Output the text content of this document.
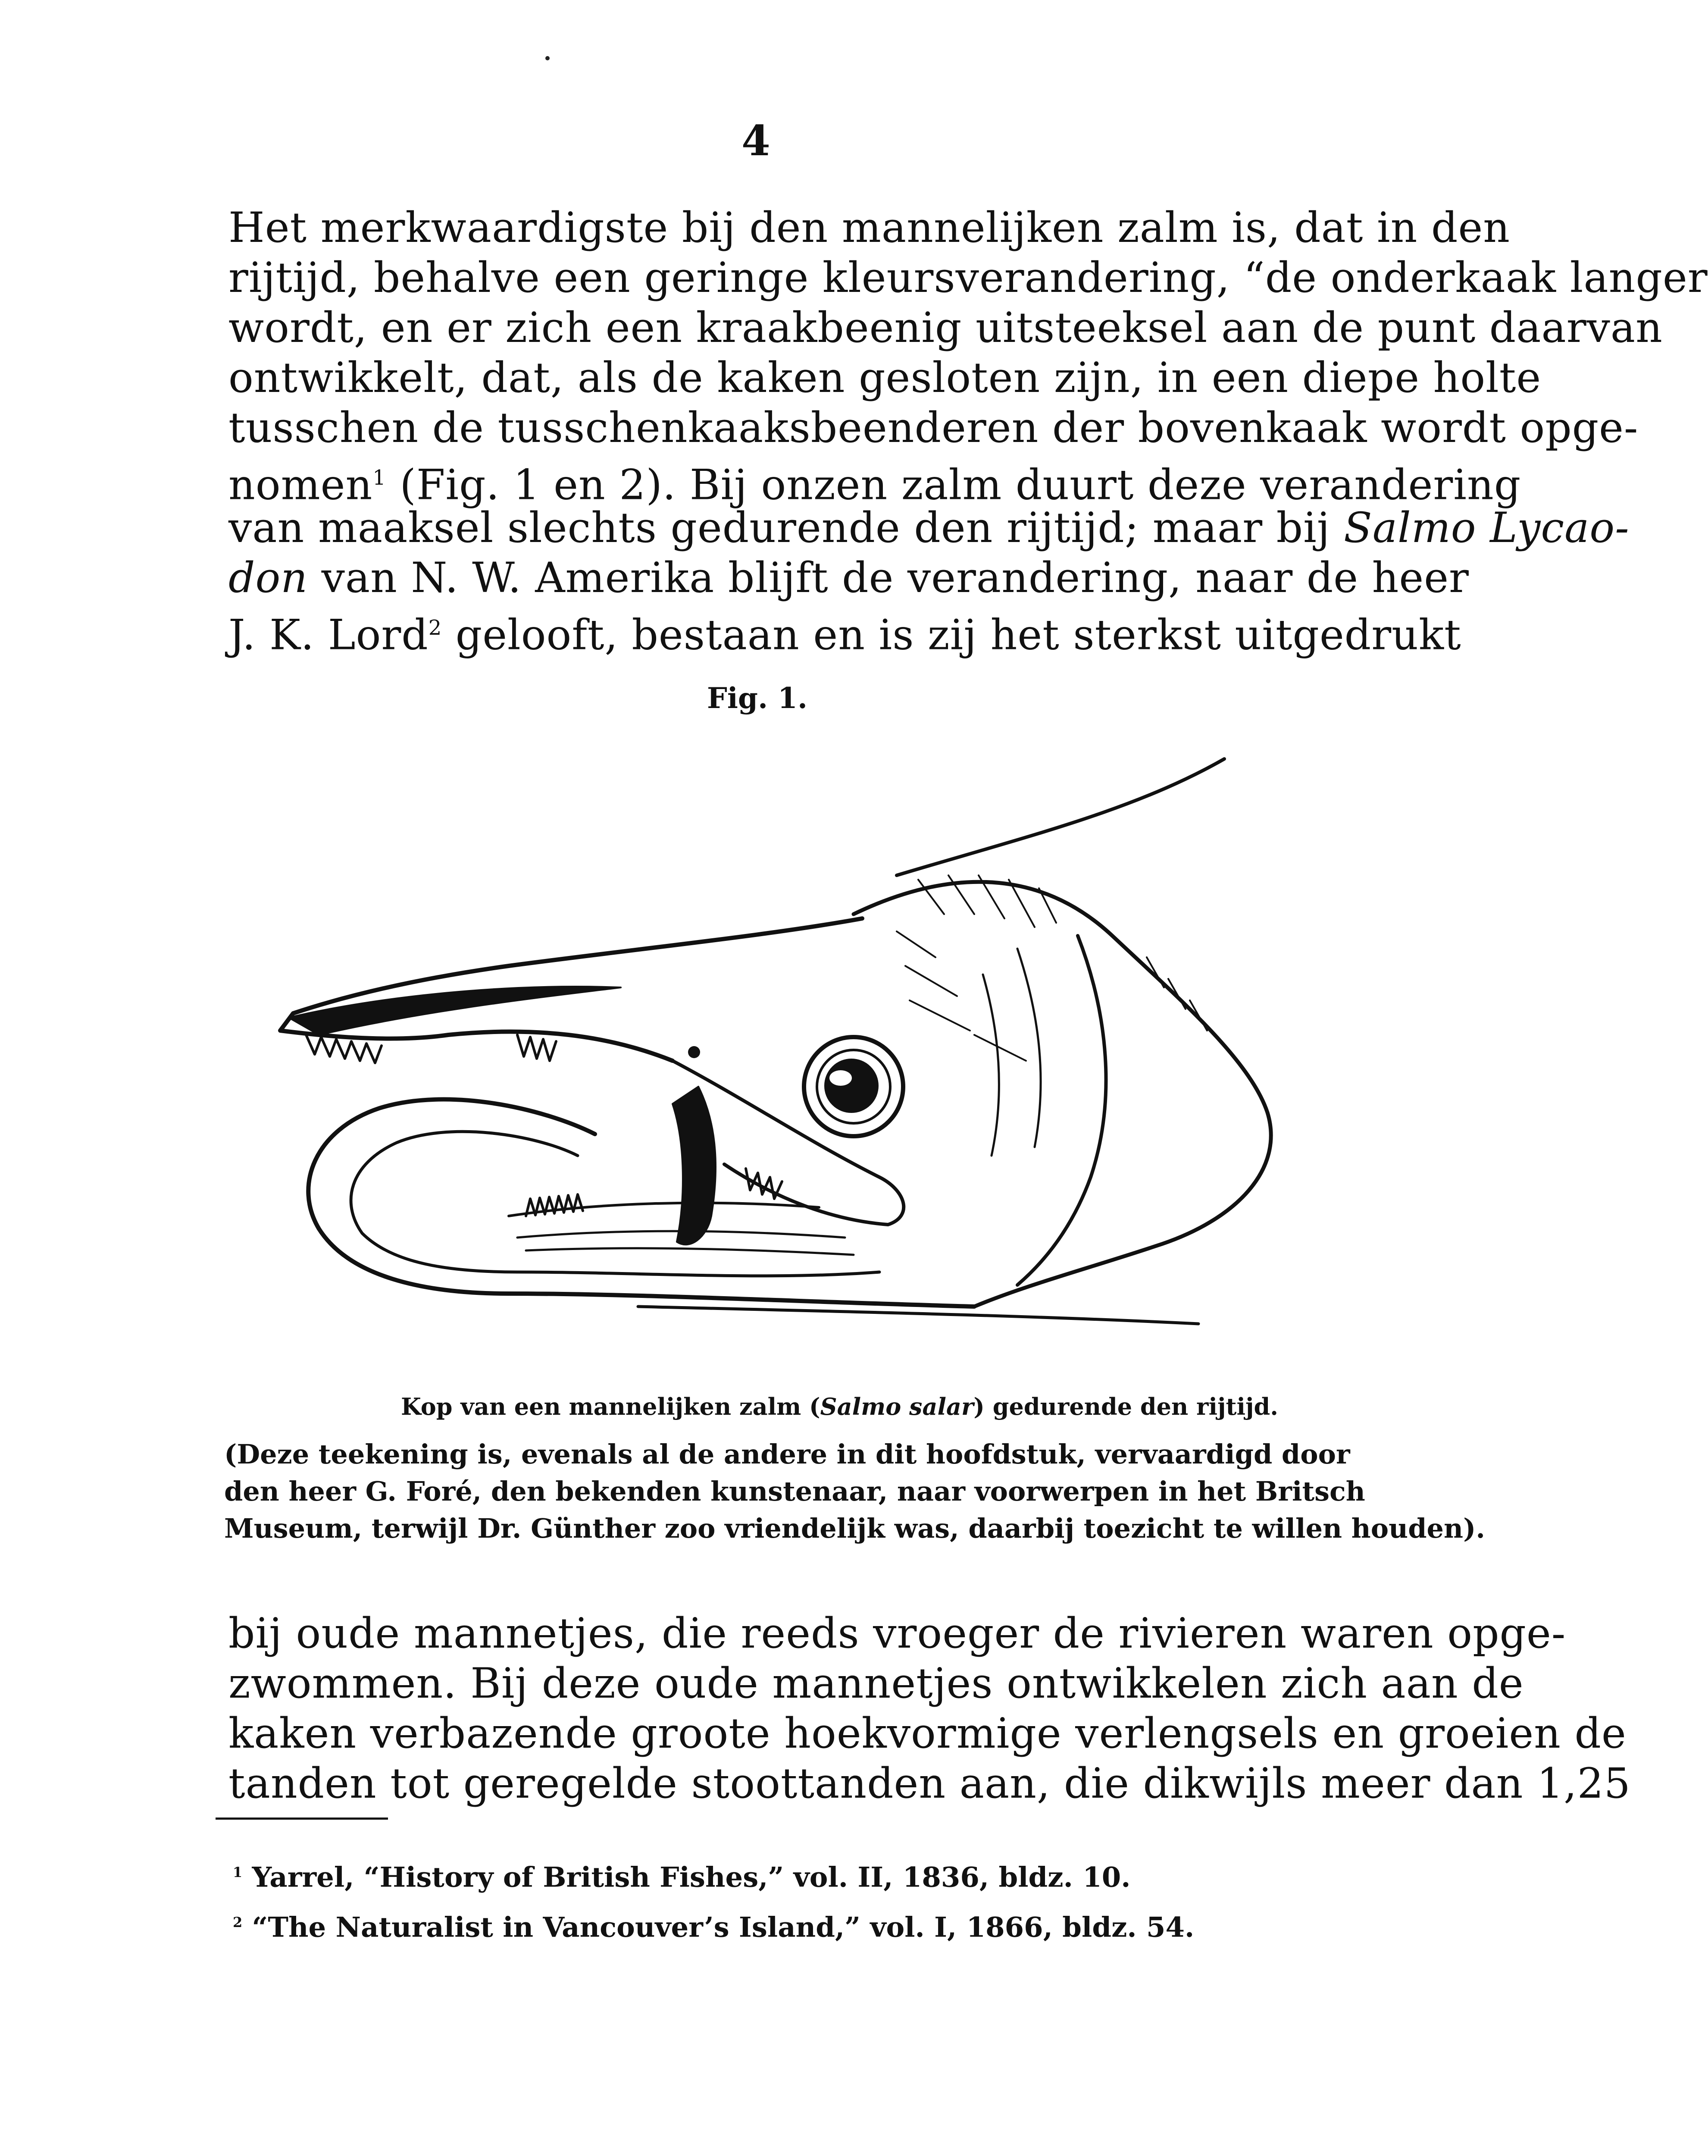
4
Het merkwaardigste bij den mannelijken zalm is, dat in den
rijtijd, behalve een geringe kleursverandering, “de onderkaak langer
wordt, en er zich een kraakbeenig uitsteeksel aan de punt daarvan
ontwikkelt, dat, als de kaken gesloten zijn, in een diepe holte
tusschen de tusschenkaaksbeenderen der bovenkaak wordt opge-
nomen$^1$ (Fig. 1 en 2). Bij onzen zalm duurt deze verandering
van maaksel slechts gedurende den rijtijd; maar bij Salmo Lycao-
don van N. W. Amerika blijft de verandering, naar de heer
J. K. Lord$^2$ gelooft, bestaan en is zij het sterkst uitgedrukt
Fig. 1.
Kop van een mannelijken zalm (Salmo salar) gedurende den rijtijd.
(Deze teekening is, evenals al de andere in dit hoofdstuk, vervaardigd door
den heer G. Foré, den bekenden kunstenaar, naar voorwerpen in het Britsch
Museum, terwijl Dr. Günther zoo vriendelijk was, daarbij toezicht te willen houden).
bij oude mannetjes, die reeds vroeger de rivieren waren opge-
zwommen. Bij deze oude mannetjes ontwikkelen zich aan de
kaken verbazende groote hoekvormige verlengsels en groeien de
tanden tot geregelde stoottanden aan, die dikwijls meer dan 1,25
$^1$ Yarrel, “History of British Fishes,” vol. II, 1836, bldz. 10.
$^2$ “The Naturalist in Vancouver’s Island,” vol. I, 1866, bldz. 54.
